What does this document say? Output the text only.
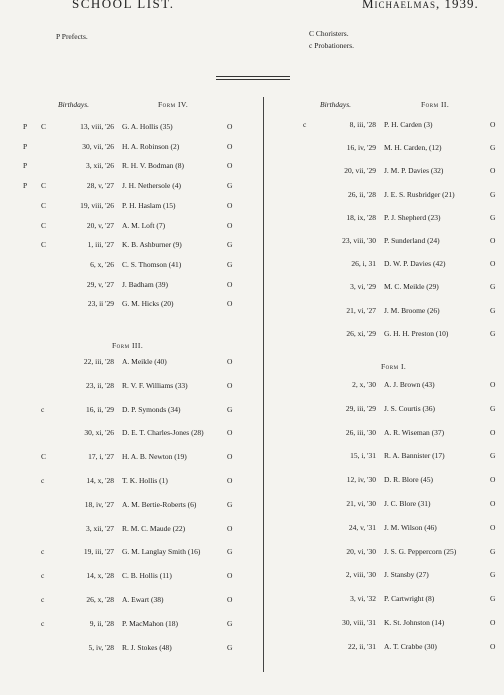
SCHOOL LIST.	Michaelmas, 1939.
P Prefects.	C Choristers.
c Probationers.
Birthdays.	Form IV.	Birthdays.	Form II.
Form III.
Form I.
P C	13, viii, '26 G. A. Hollis (35)	O
P	30, vii, '26 H. A. Robinson (2)	O
P	3, xii, '26 R. H. V. Bodman (8)	O
P C	28, v, '27 J. H. Nethersole (4)	G
C	19, viii, '26 P. H. Haslam (15)	O
C	20, v, '27 A. M. Loft (7)	O
C	1, iii, '27 K. B. Ashburner (9)	G
6, x, '26 C. S. Thomson (41)	G
29, v, '27 J. Badham (39)	O
23, ii '29 G. M. Hicks (20)	O
22, iii, '28 A. Meikle (40)	O
23, ii, '28 R. V. F. Williams (33)	O
c	16, ii, '29 D. P. Symonds (34)	G
30, xi, '26 D. E. T. Charles-Jones (28)	O
C	17, i, '27 H. A. B. Newton (19)	O
c	14, x, '28 T. K. Hollis (1)	O
18, iv, '27 A. M. Bertie-Roberts (6)	G
3, xii, '27 R. M. C. Maude (22)	O
c	19, iii, '27 G. M. Langlay Smith (16)	G
c	14, x, '28 C. B. Hollis (11)	O
c	26, x, '28 A. Ewart (38)	O
c	9, ii, '28 P. MacMahon (18)	G
5, iv, '28 R. J. Stokes (48)	G
c	8, iii, '28 P. H. Carden (3)	O
16, iv, '29 M. H. Carden, (12)	G
20, vii, '29 J. M. P. Davies (32)	O
26, ii, '28 J. E. S. Rusbridger (21)	G
18, ix, '28 P. J. Shepherd (23)	G
23, viii, '30 P. Sunderland (24)	O
26, i, 31 D. W. P. Davies (42)	O
3, vi, '29 M. C. Meikle (29)	G
21, vi, '27 J. M. Broome (26)	G
26, xi, '29 G. H. H. Preston (10)	G
2, x, '30 A. J. Brown (43)	O
29, iii, '29 J. S. Courtis (36)	G
26, iii, '30 A. R. Wiseman (37)	O
15, i, '31 R. A. Bannister (17)	G
12, iv, '30 D. R. Blore (45)	O
21, vi, '30 J. C. Blore (31)	O
24, v, '31 J. M. Wilson (46)	O
20, vi, '30 J. S. G. Peppercorn (25)	G
2, viii, '30 J. Stansby (27)	G
3, vi, '32 P. Cartwright (8)	G
30, viii, '31 K. St. Johnston (14)	O
22, ii, '31 A. T. Crabbe (30)	O
